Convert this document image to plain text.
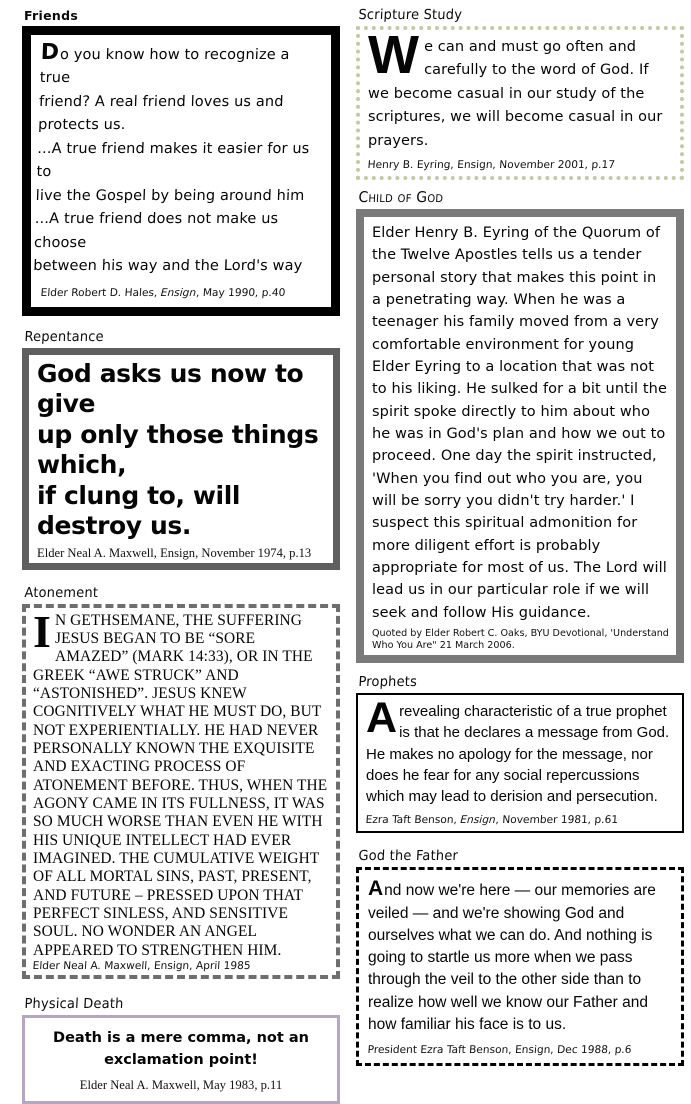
Friends
Do you know how to recognize a true
friend? A real friend loves us and
protects us.
...A true friend makes it easier for us to
live the Gospel by being around him
...A true friend does not make us choose
between his way and the Lord's way

Elder Robert D. Hales, Ensign, May 1990, p.40

Repentance
God asks us now to give
up only those things which,
if clung to, will destroy us.

Elder Neal A. Maxwell, Ensign, November 1974, p.13

Atonement
I N GETHSEMANE, THE SUFFERING JESUS BEGAN TO BE “SORE AMAZED” (MARK 14:33), OR IN THE GREEK “AWE STRUCK” AND “ASTONISHED”. JESUS KNEW COGNITIVELY WHAT HE MUST DO, BUT NOT EXPERIENTIALLY. HE HAD NEVER PERSONALLY KNOWN THE EXQUISITE AND EXACTING PROCESS OF ATONEMENT BEFORE. THUS, WHEN THE AGONY CAME IN ITS FULLNESS, IT WAS SO MUCH WORSE THAN EVEN HE WITH HIS UNIQUE INTELLECT HAD EVER IMAGINED. THE CUMULATIVE WEIGHT OF ALL MORTAL SINS, PAST, PRESENT, AND FUTURE – PRESSED UPON THAT PERFECT SINLESS, AND SENSITIVE SOUL. NO WONDER AN ANGEL APPEARED TO STRENGTHEN HIM.

Elder Neal A. Maxwell, Ensign, April 1985

Physical Death
Death is a mere comma, not an
exclamation point!

Elder Neal A. Maxwell, May 1983, p.11

Scripture Study
We can and must go often and carefully to the word of God. If we become casual in our study of the scriptures, we will become casual in our prayers.

Henry B. Eyring, Ensign, November 2001, p.17

Child of God
Elder Henry B. Eyring of the Quorum of the Twelve Apostles tells us a tender personal story that makes this point in a penetrating way. When he was a teenager his family moved from a very comfortable environment for young Elder Eyring to a location that was not to his liking. He sulked for a bit until the spirit spoke directly to him about who he was in God's plan and how we out to proceed. One day the spirit instructed, 'When you find out who you are, you will be sorry you didn't try harder.' I suspect this spiritual admonition for more diligent effort is probably appropriate for most of us. The Lord will lead us in our particular role if we will seek and follow His guidance.

Quoted by Elder Robert C. Oaks, BYU Devotional, 'Understand Who You Are" 21 March 2006.

Prophets
A revealing characteristic of a true prophet is that he declares a message from God. He makes no apology for the message, nor does he fear for any social repercussions which may lead to derision and persecution.

Ezra Taft Benson, Ensign, November 1981, p.61

God the Father
And now we're here — our memories are veiled — and we're showing God and ourselves what we can do. And nothing is going to startle us more when we pass through the veil to the other side than to realize how well we know our Father and how familiar his face is to us.

President Ezra Taft Benson, Ensign, Dec 1988, p.6
